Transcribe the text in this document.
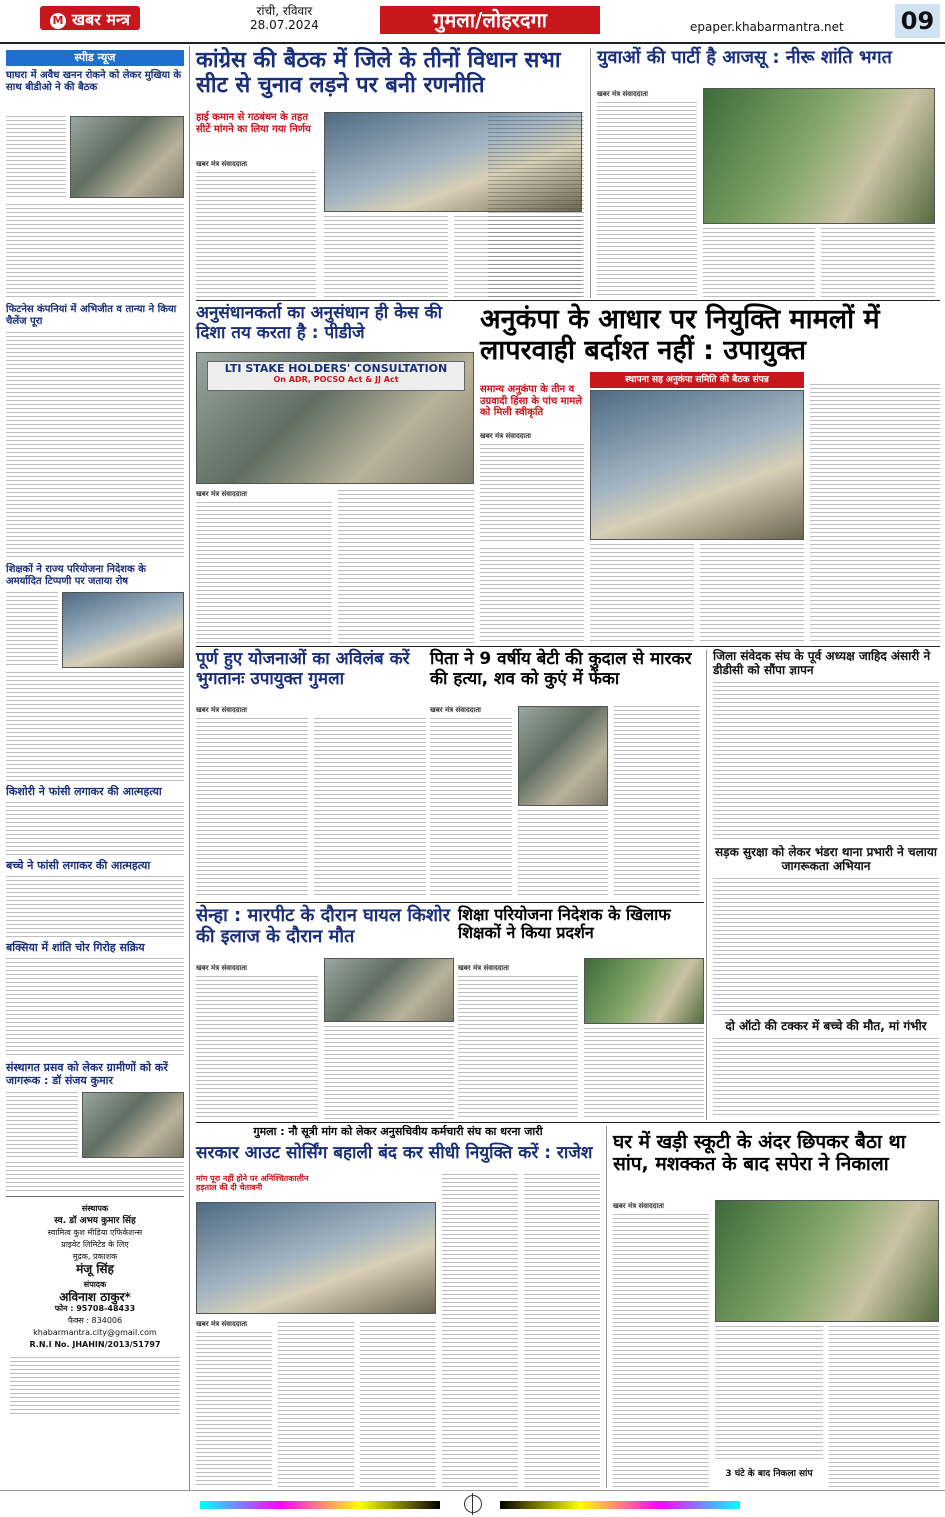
M खबर मन्त्र	रांची, रविवार
28.07.2024	गुमला/लोहरदगा	epaper.khabarmantra.net 09
स्पीड न्यूज
घाघरा में अवैध खनन रोकने को लेकर मुखिया के साथ बीडीओ ने की बैठक
फिटनेस कंपनियां में अभिजीत व तान्या ने किया चैलेंज पूरा
शिक्षकों ने राज्य परियोजना निदेशक के अमर्यादित टिप्पणी पर जताया रोष
किशोरी ने फांसी लगाकर की आत्महत्या
बच्चे ने फांसी लगाकर की आत्महत्या
बक्सिया में शांति चोर गिरोह सक्रिय
संस्थागत प्रसव को लेकर ग्रामीणों को करें जागरूक : डॉ संजय कुमार
संस्थापक
स्व. डॉ अभय कुमार सिंह
स्वामित्व कुश मीडिया एफिकेशन्स
प्राइवेट लिमिटेड के लिए
मुद्रक, प्रकाशक
मंजू सिंह
संपादक
अविनाश ठाकुर*
फोन : 95708-48433
फैक्स : 834006
khabarmantra.city@gmail.com
R.N.I No. JHAHIN/2013/51797
कांग्रेस की बैठक में जिले के तीनों विधान सभा सीट से चुनाव लड़ने पर बनी रणनीति
हाई कमान से गठबंधन के तहत सीटें मांगने का लिया गया निर्णय
खबर मंत्र संवाददाता
युवाओं की पार्टी है आजसू : नीरू शांति भगत
खबर मंत्र संवाददाता
अनुसंधानकर्ता का अनुसंधान ही केस की दिशा तय करता है : पीडीजे
LTI STAKE HOLDERS' CONSULTATION
On ADR, POCSO Act & JJ Act
खबर मंत्र संवाददाता
अनुकंपा के आधार पर नियुक्ति मामलों में लापरवाही बर्दाश्त नहीं : उपायुक्त
समान्य अनुकंपा के तीन व उग्रवादी हिंसा के पांच मामले को मिली स्वीकृति
खबर मंत्र संवाददाता
स्थापना सह अनुकंपा समिति की बैठक संपन्न
पूर्ण हुए योजनाओं का अविलंब करें भुगतानः उपायुक्त गुमला
खबर मंत्र संवाददाता
पिता ने 9 वर्षीय बेटी की कुदाल से मारकर की हत्या, शव को कुएं में फेंका
खबर मंत्र संवाददाता
जिला संवेदक संघ के पूर्व अध्यक्ष जाहिद अंसारी ने डीडीसी को सौंपा ज्ञापन
सड़क सुरक्षा को लेकर भंडरा थाना प्रभारी ने चलाया जागरूकता अभियान
दो ऑटो की टक्कर में बच्चे की मौत, मां गंभीर
सेन्हा : मारपीट के दौरान घायल किशोर की इलाज के दौरान मौत
खबर मंत्र संवाददाता
शिक्षा परियोजना निदेशक के खिलाफ शिक्षकों ने किया प्रदर्शन
खबर मंत्र संवाददाता
गुमला : नौ सूत्री मांग को लेकर अनुसचिवीय कर्मचारी संघ का धरना जारी
सरकार आउट सोर्सिंग बहाली बंद कर सीधी नियुक्ति करें : राजेश
मांग पूरा नहीं होने पर अनिश्चितकालीन हड़ताल की दी चेतावनी
खबर मंत्र संवाददाता
घर में खड़ी स्कूटी के अंदर छिपकर बैठा था सांप, मशक्कत के बाद सपेरा ने निकाला
खबर मंत्र संवाददाता
3 घंटे के बाद निकला सांप
